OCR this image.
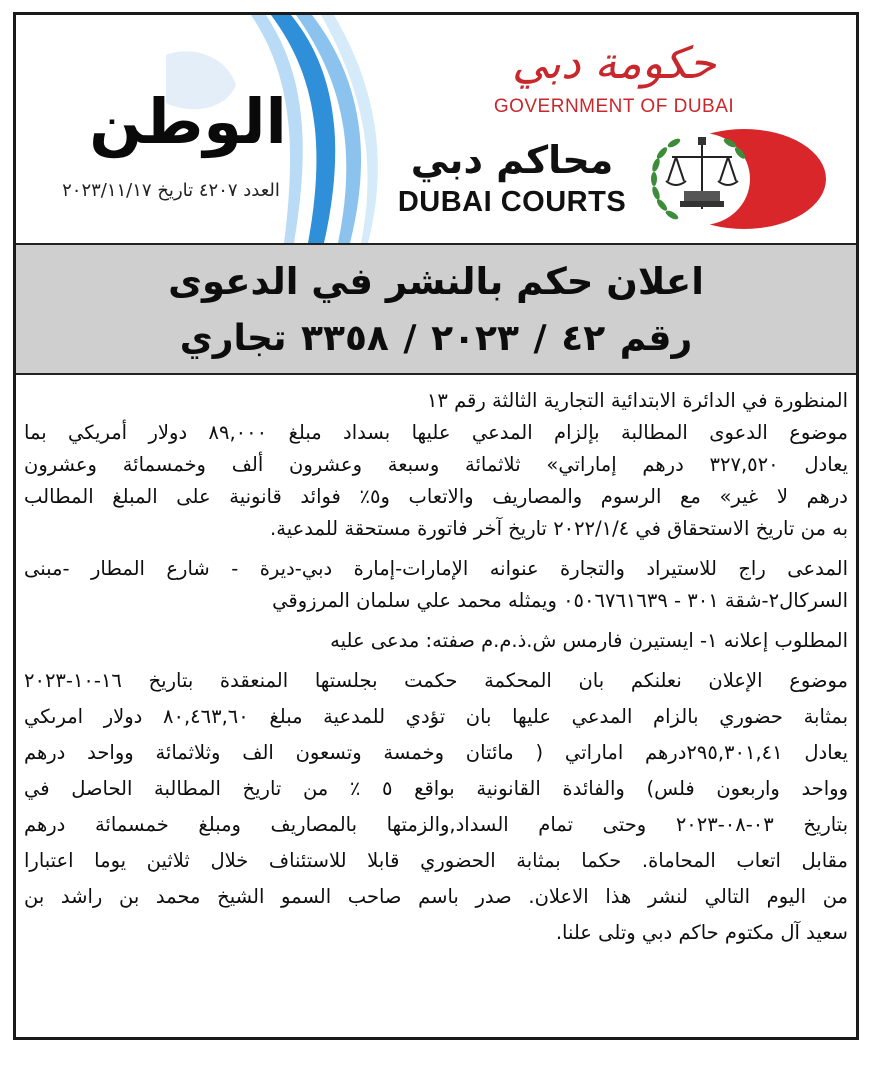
الوطن
العدد ٤٢٠٧ تاريخ ٢٠٢٣/١١/١٧
حكومة دبي
GOVERNMENT OF DUBAI
محاكم دبي
DUBAI COURTS
اعلان حكم بالنشر في الدعوى
رقم ٤٢ / ٢٠٢٣ / ٣٣٥٨ تجاري
المنظورة في الدائرة الابتدائية التجارية الثالثة رقم ١٣
موضوع الدعوى المطالبة بإلزام المدعي عليها بسداد مبلغ ٨٩,٠٠٠ دولار أمريكي بما
يعادل ٣٢٧,٥٢٠ درهم إماراتي» ثلاثمائة وسبعة وعشرون ألف وخمسمائة وعشرون
درهم لا غير» مع الرسوم والمصاريف والاتعاب و٥٪ فوائد قانونية على المبلغ المطالب
به من تاريخ الاستحقاق في ٢٠٢٢/١/٤ تاريخ آخر فاتورة مستحقة للمدعية.
المدعى راج للاستيراد والتجارة عنوانه الإمارات-إمارة دبي-ديرة - شارع المطار -مبنى
السركال٢-شقة ٣٠١ - ٠٥٠٦٧٦١٦٣٩ ويمثله محمد علي سلمان المرزوقي
المطلوب إعلانه ١- ايستيرن فارمس ش.ذ.م.م صفته: مدعى عليه
موضوع الإعلان نعلنكم بان المحكمة حكمت بجلستها المنعقدة بتاريخ ١٦-١٠-٢٠٢٣
بمثابة حضوري بالزام المدعي عليها بان تؤدي للمدعية مبلغ ٨٠,٤٦٣,٦٠ دولار امرىكي
يعادل ٢٩٥,٣٠١,٤١درهم اماراتي ( مائتان وخمسة وتسعون الف وثلاثمائة وواحد درهم
وواحد واربعون فلس) والفائدة القانونية بواقع ٥ ٪ من تاريخ المطالبة الحاصل في
بتاريخ ٠٣-٠٨-٢٠٢٣ وحتى تمام السداد,والزمتها بالمصاريف ومبلغ خمسمائة درهم
مقابل اتعاب المحاماة. حكما بمثابة الحضوري قابلا للاستئناف خلال ثلاثين يوما اعتبارا
من اليوم التالي لنشر هذا الاعلان. صدر باسم صاحب السمو الشيخ محمد بن راشد بن
سعيد آل مكتوم حاكم دبي وتلى علنا.
